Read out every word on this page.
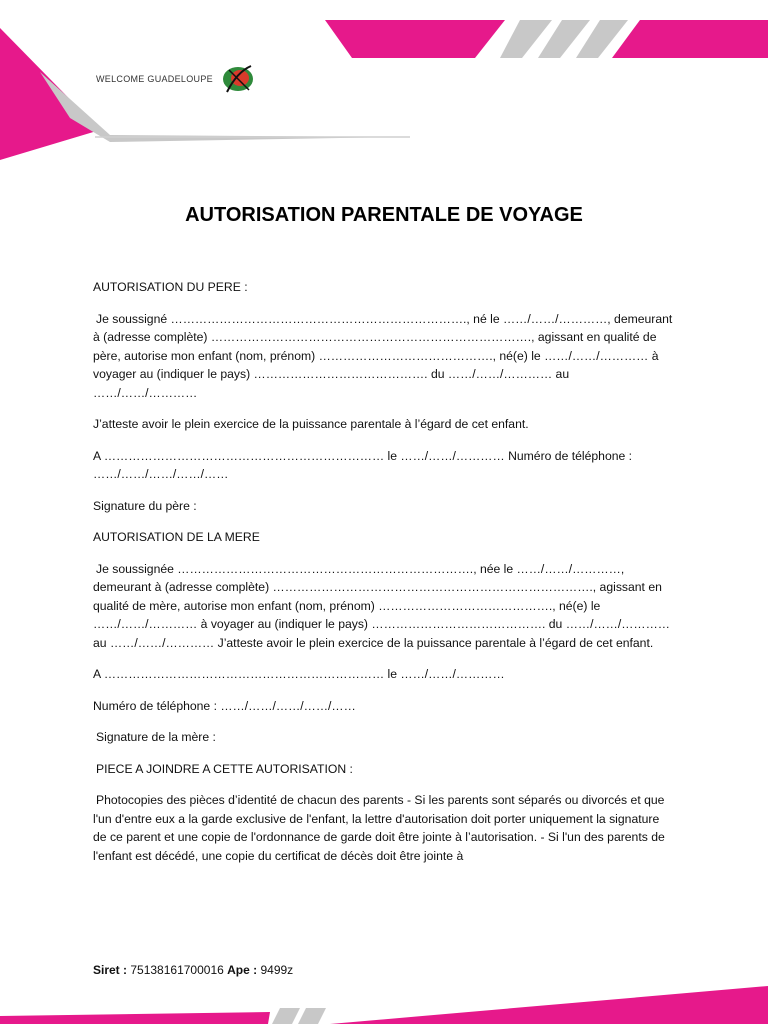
WELCOME GUADELOUPE
AUTORISATION PARENTALE DE VOYAGE

AUTORISATION DU PERE :

Je soussigné ………………………………………………………………., né le ……/……/…………, demeurant à (adresse complète) ……………………………………………………………………., agissant en qualité de père, autorise mon enfant (nom, prénom) ……………………………………., né(e) le ……/……/………… à voyager au (indiquer le pays) ……………………………………. du ……/……/………… au ……/……/…………

J’atteste avoir le plein exercice de la puissance parentale à l’égard de cet enfant.

A …………………………………………………………… le ……/……/………… Numéro de téléphone : ……/……/……/……/……

Signature du père :

AUTORISATION DE LA MERE

Je soussignée ………………………………………………………………., née le ……/……/…………, demeurant à (adresse complète) ……………………………………………………………………., agissant en qualité de mère, autorise mon enfant (nom, prénom) ……………………………………., né(e) le ……/……/………… à voyager au (indiquer le pays) ……………………………………. du ……/……/………… au ……/……/………… J’atteste avoir le plein exercice de la puissance parentale à l’égard de cet enfant.

A …………………………………………………………… le ……/……/…………

Numéro de téléphone : ……/……/……/……/……

Signature de la mère :

PIECE A JOINDRE A CETTE AUTORISATION :

Photocopies des pièces d’identité de chacun des parents - Si les parents sont séparés ou divorcés et que l'un d'entre eux a la garde exclusive de l'enfant, la lettre d'autorisation doit porter uniquement la signature de ce parent et une copie de l'ordonnance de garde doit être jointe à l’autorisation. - Si l'un des parents de l'enfant est décédé, une copie du certificat de décès doit être jointe à

Siret : 75138161700016 Ape : 9499z
